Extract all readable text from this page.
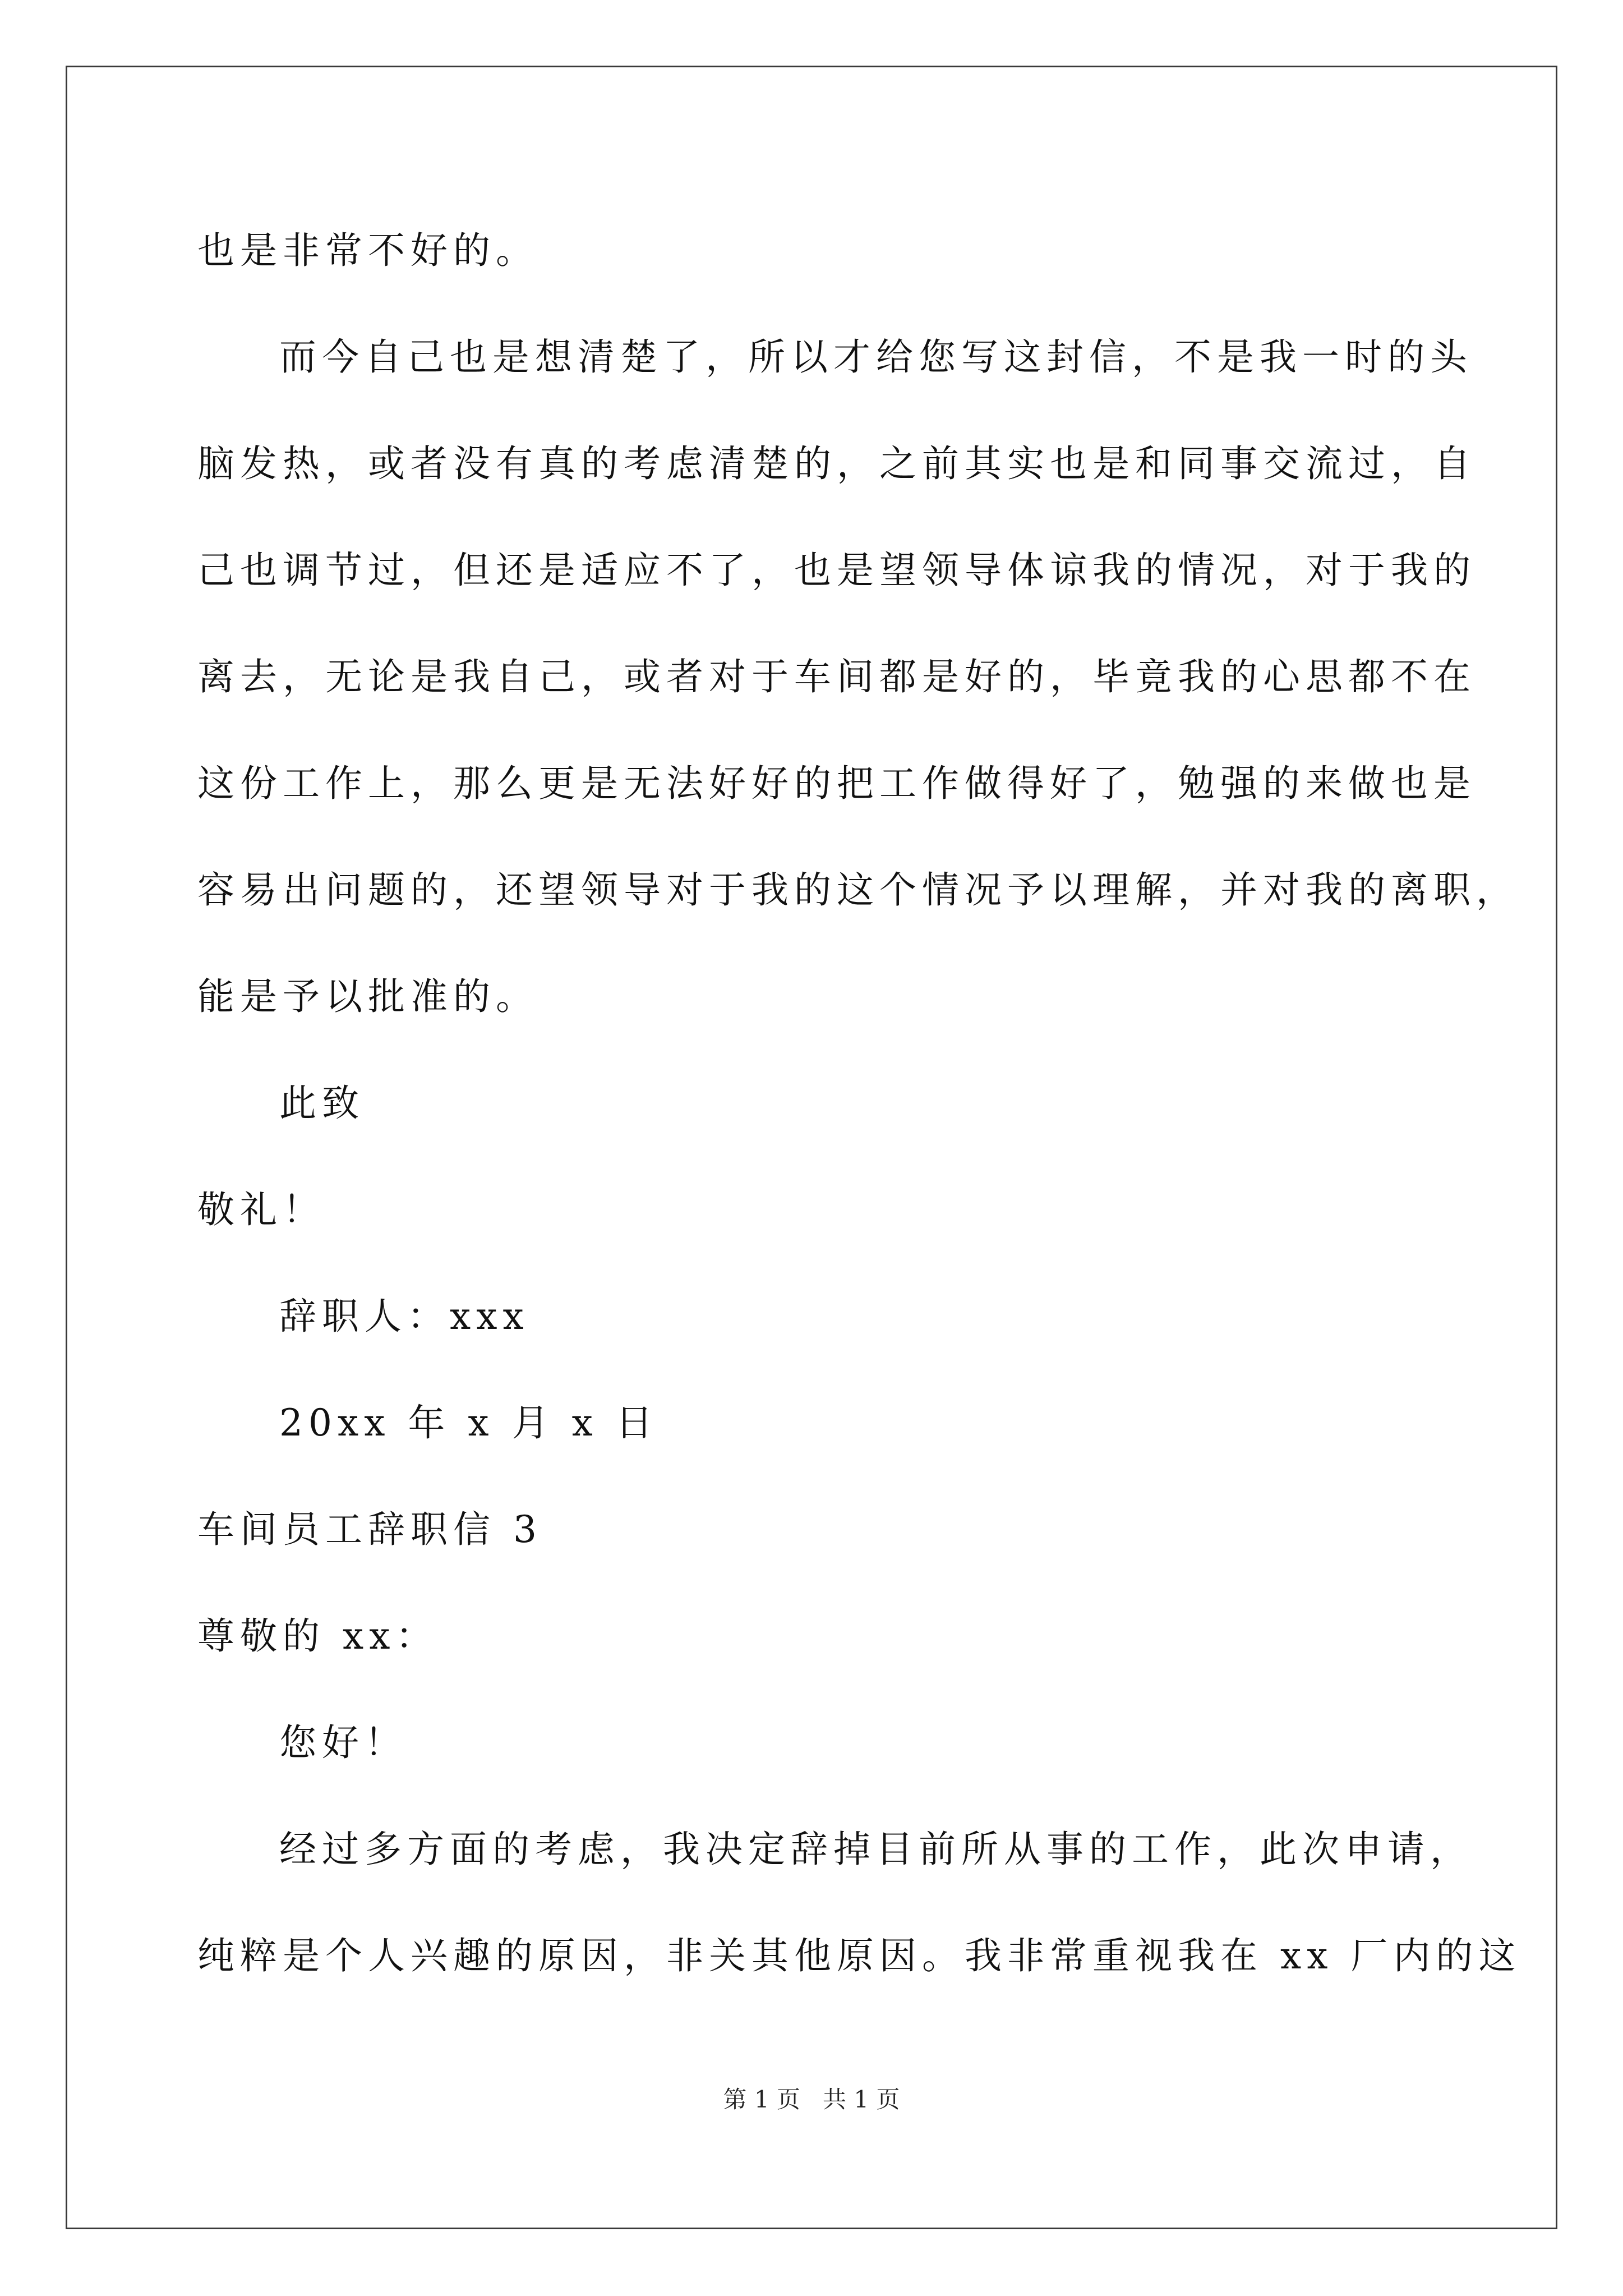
也是非常不好的。
而今自己也是想清楚了，所以才给您写这封信，不是我一时的头
脑发热，或者没有真的考虑清楚的，之前其实也是和同事交流过，自
己也调节过，但还是适应不了，也是望领导体谅我的情况，对于我的
离去，无论是我自己，或者对于车间都是好的，毕竟我的心思都不在
这份工作上，那么更是无法好好的把工作做得好了，勉强的来做也是
容易出问题的，还望领导对于我的这个情况予以理解，并对我的离职，
能是予以批准的。
此致
敬礼！
辞职人：xxx
20xx 年 x 月 x 日
车间员工辞职信 3
尊敬的 xx：
您好！
经过多方面的考虑，我决定辞掉目前所从事的工作，此次申请，
纯粹是个人兴趣的原因，非关其他原因。我非常重视我在 xx 厂内的这
第 1 页   共 1 页
